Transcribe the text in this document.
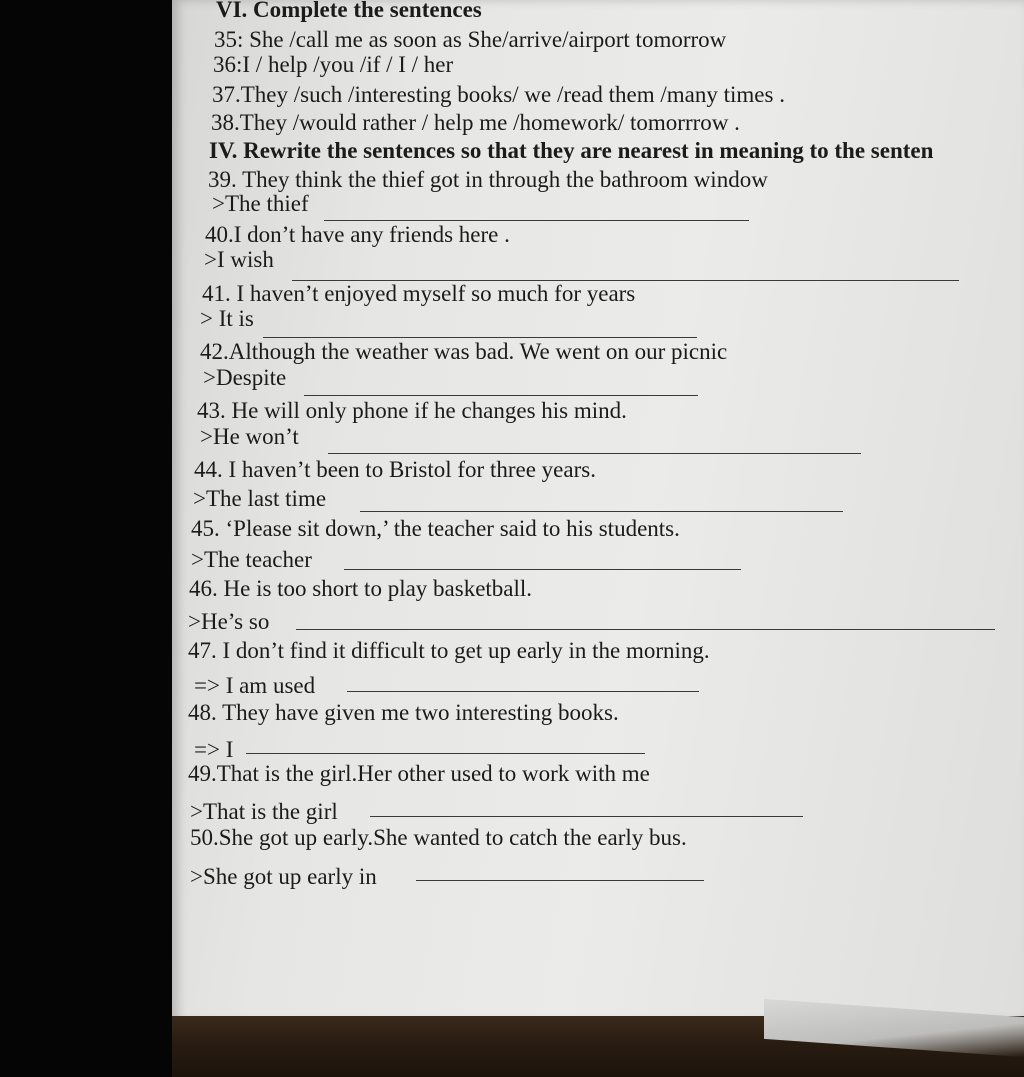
VI. Complete the sentences
35: She /call me as soon as She/arrive/airport tomorrow
36:I / help /you /if / I / her
37.They /such /interesting books/ we /read them /many times .
38.They /would rather / help me /homework/ tomorrrow .
IV. Rewrite the sentences so that they are nearest in meaning to the senten
39. They think the thief got in through the bathroom window
>The thief
40.I don’t have any friends here .
>I wish
41. I haven’t enjoyed myself so much for years
> It is
42.Although the weather was bad. We went on our picnic
>Despite
43. He will only phone if he changes his mind.
>He won’t
44. I haven’t been to Bristol for three years.
>The last time
45. ‘Please sit down,’ the teacher said to his students.
>The teacher
46. He is too short to play basketball.
>He’s so
47. I don’t find it difficult to get up early in the morning.
=> I am used
48. They have given me two interesting books.
=> I
49.That is the girl.Her other used to work with me
>That is the girl
50.She got up early.She wanted to catch the early bus.
>She got up early in
